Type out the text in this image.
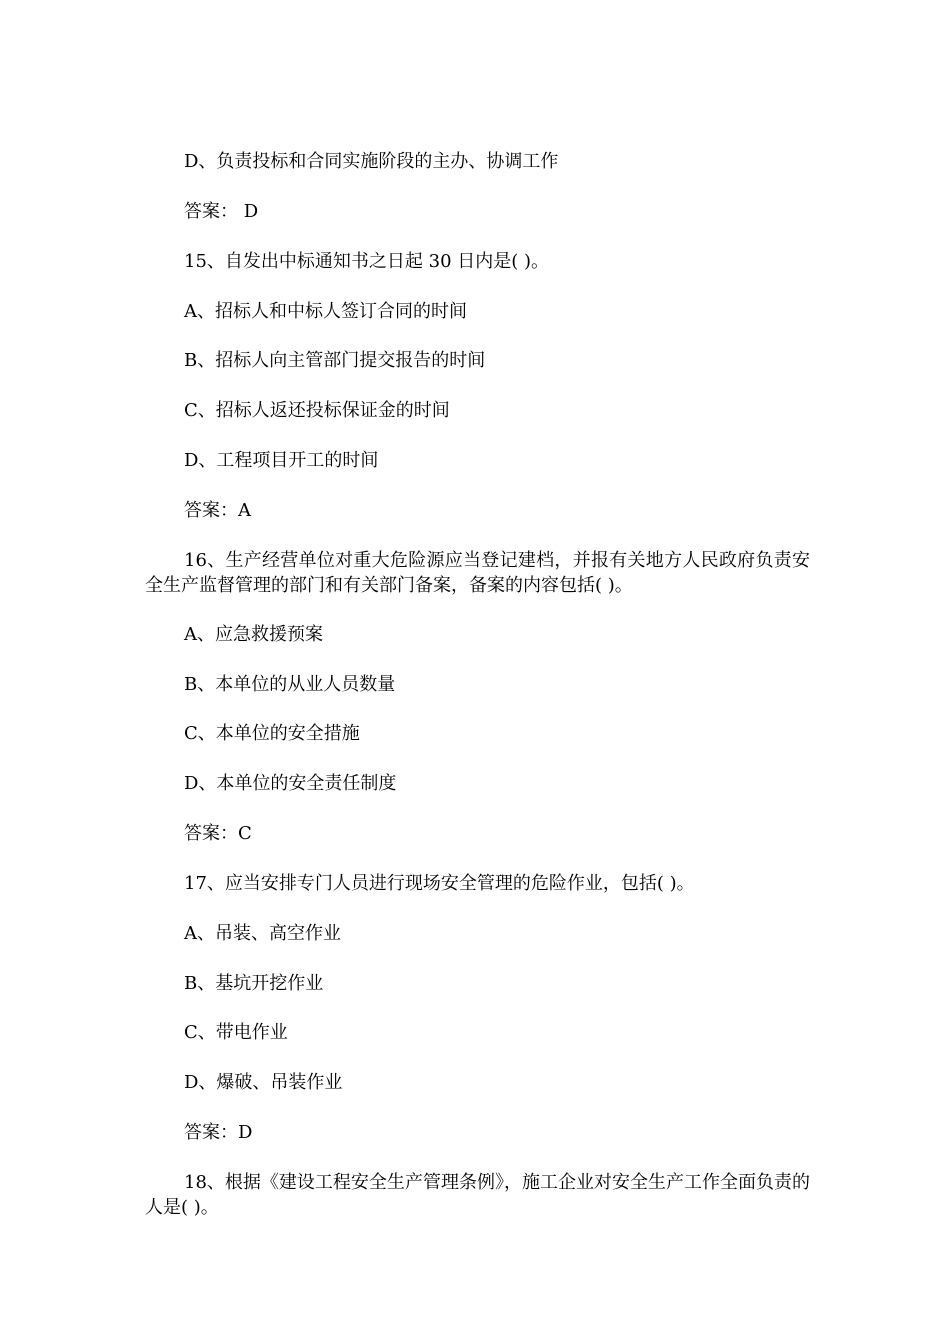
D、负责投标和合同实施阶段的主办、协调工作
答案： D
15、自发出中标通知书之日起 30 日内是( )。
A、招标人和中标人签订合同的时间
B、招标人向主管部门提交报告的时间
C、招标人返还投标保证金的时间
D、工程项目开工的时间
答案：A
16、生产经营单位对重大危险源应当登记建档，并报有关地方人民政府负责安全生产监督管理的部门和有关部门备案，备案的内容包括( )。
A、应急救援预案
B、本单位的从业人员数量
C、本单位的安全措施
D、本单位的安全责任制度
答案：C
17、应当安排专门人员进行现场安全管理的危险作业，包括( )。
A、吊装、高空作业
B、基坑开挖作业
C、带电作业
D、爆破、吊装作业
答案：D
18、根据《建设工程安全生产管理条例》，施工企业对安全生产工作全面负责的人是( )。
